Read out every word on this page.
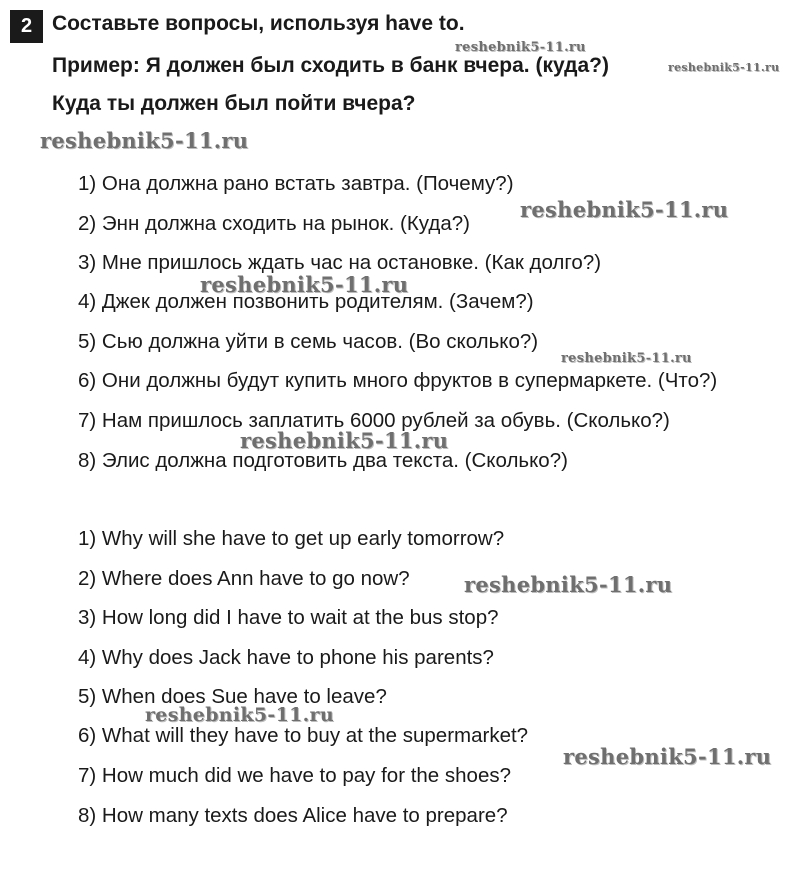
2 Составьте вопросы, используя have to.
Пример: Я должен был сходить в банк вчера. (куда?)
Куда ты должен был пойти вчера?
1) Она должна рано встать завтра. (Почему?)
2) Энн должна сходить на рынок. (Куда?)
3) Мне пришлось ждать час на остановке. (Как долго?)
4) Джек должен позвонить родителям. (Зачем?)
5) Сью должна уйти в семь часов. (Во сколько?)
6) Они должны будут купить много фруктов в супермаркете. (Что?)
7) Нам пришлось заплатить 6000 рублей за обувь. (Сколько?)
8) Элис должна подготовить два текста. (Сколько?)
1) Why will she have to get up early tomorrow?
2) Where does Ann have to go now?
3) How long did I have to wait at the bus stop?
4) Why does Jack have to phone his parents?
5) When does Sue have to leave?
6) What will they have to buy at the supermarket?
7) How much did we have to pay for the shoes?
8) How many texts does Alice have to prepare?
reshebnik5-11.ru
reshebnik5-11.ru
reshebnik5-11.ru
reshebnik5-11.ru
reshebnik5-11.ru
reshebnik5-11.ru
reshebnik5-11.ru
reshebnik5-11.ru
reshebnik5-11.ru
reshebnik5-11.ru
